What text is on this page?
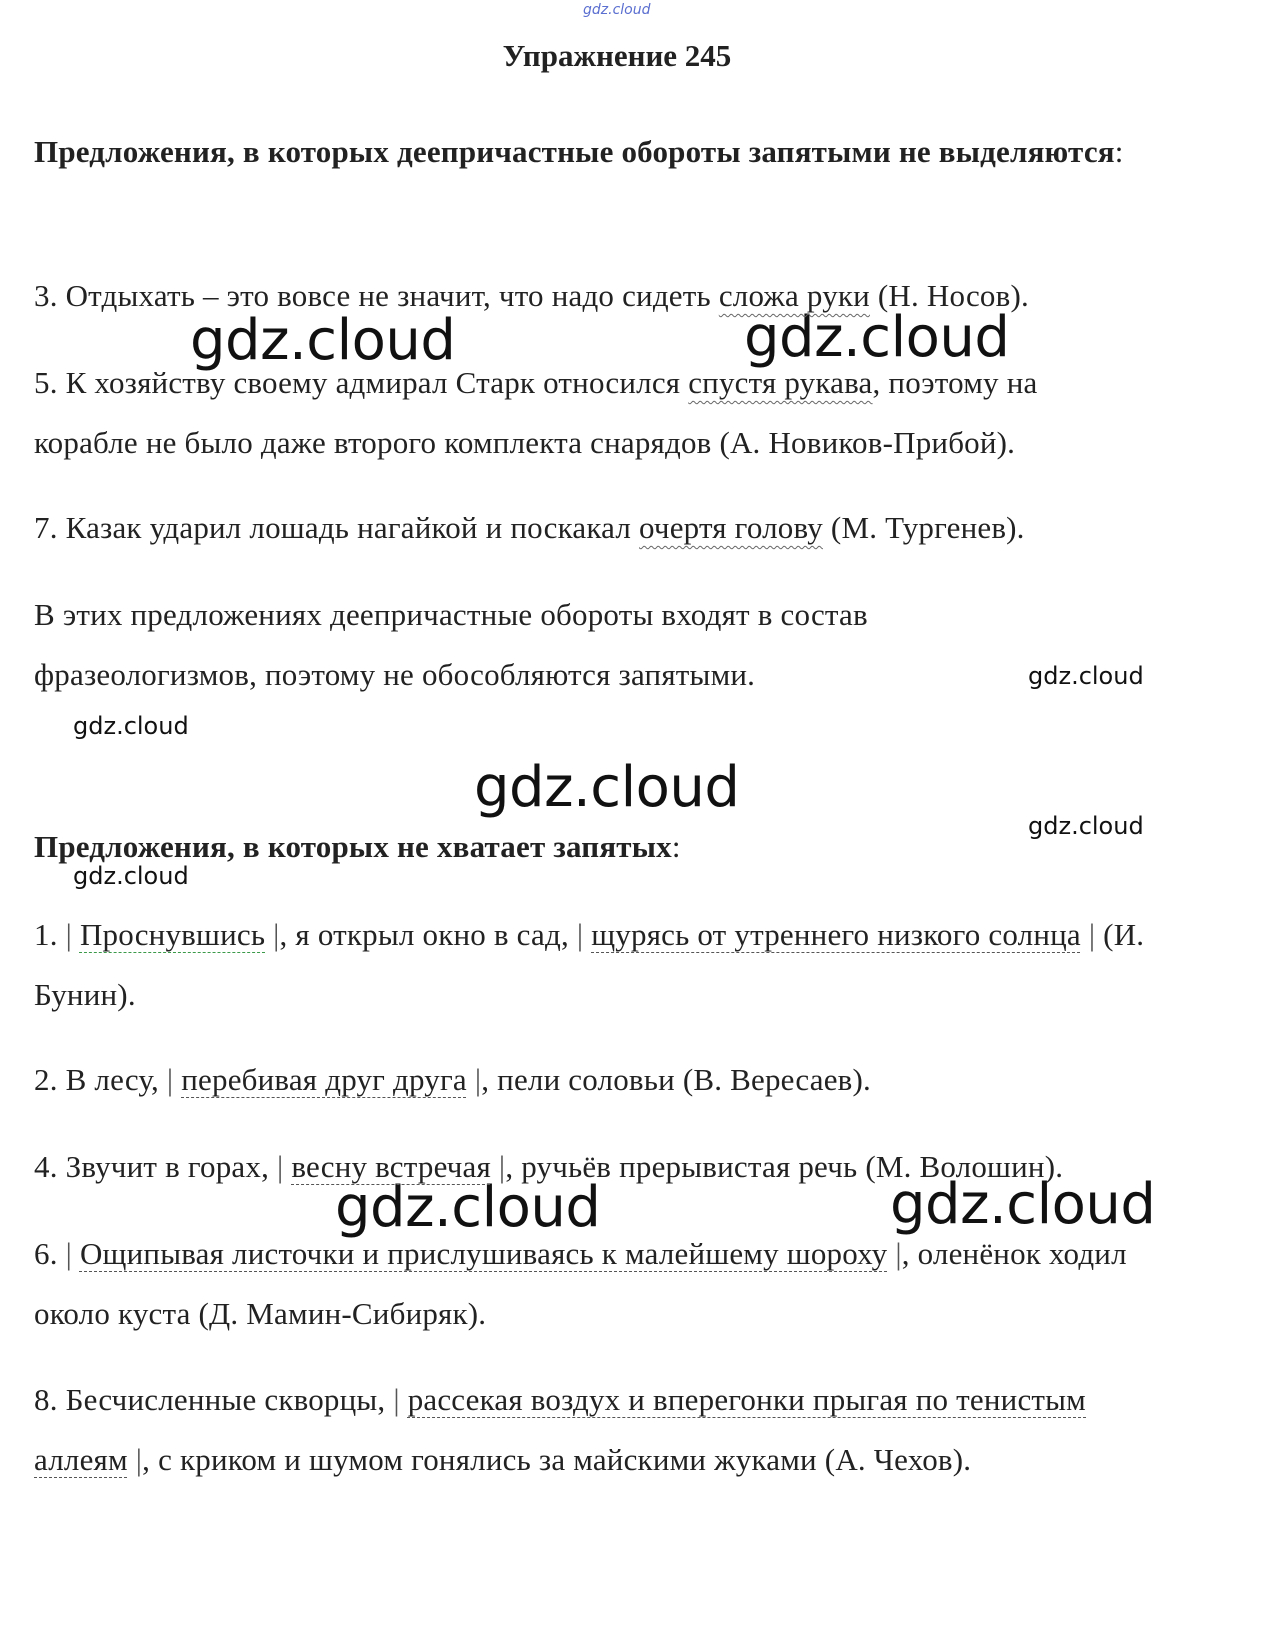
gdz.cloud
gdz.cloud	gdz.cloud
gdz.cloud
gdz.cloud
gdz.cloud
gdz.cloud
gdz.cloud
gdz.cloud	gdz.cloud
Упражнение 245

Предложения, в которых деепричастные обороты запятыми не выделяются:

3. Отдыхать – это вовсе не значит, что надо сидеть сложа руки (Н. Носов).

5. К хозяйству своему адмирал Старк относился спустя рукава, поэтому на корабле не было даже второго комплекта снарядов (А. Новиков-Прибой).

7. Казак ударил лошадь нагайкой и поскакал очертя голову (М. Тургенев).

В этих предложениях деепричастные обороты входят в состав фразеологизмов, поэтому не обособляются запятыми.

Предложения, в которых не хватает запятых:

1. | Проснувшись |, я открыл окно в сад, | щурясь от утреннего низкого солнца | (И. Бунин).

2. В лесу, | перебивая друг друга |, пели соловьи (В. Вересаев).

4. Звучит в горах, | весну встречая |, ручьёв прерывистая речь (М. Волошин).

6. | Ощипывая листочки и прислушиваясь к малейшему шороху |, оленёнок ходил около куста (Д. Мамин-Сибиряк).

8. Бесчисленные скворцы, | рассекая воздух и вперегонки прыгая по тенистым аллеям |, с криком и шумом гонялись за майскими жуками (А. Чехов).
